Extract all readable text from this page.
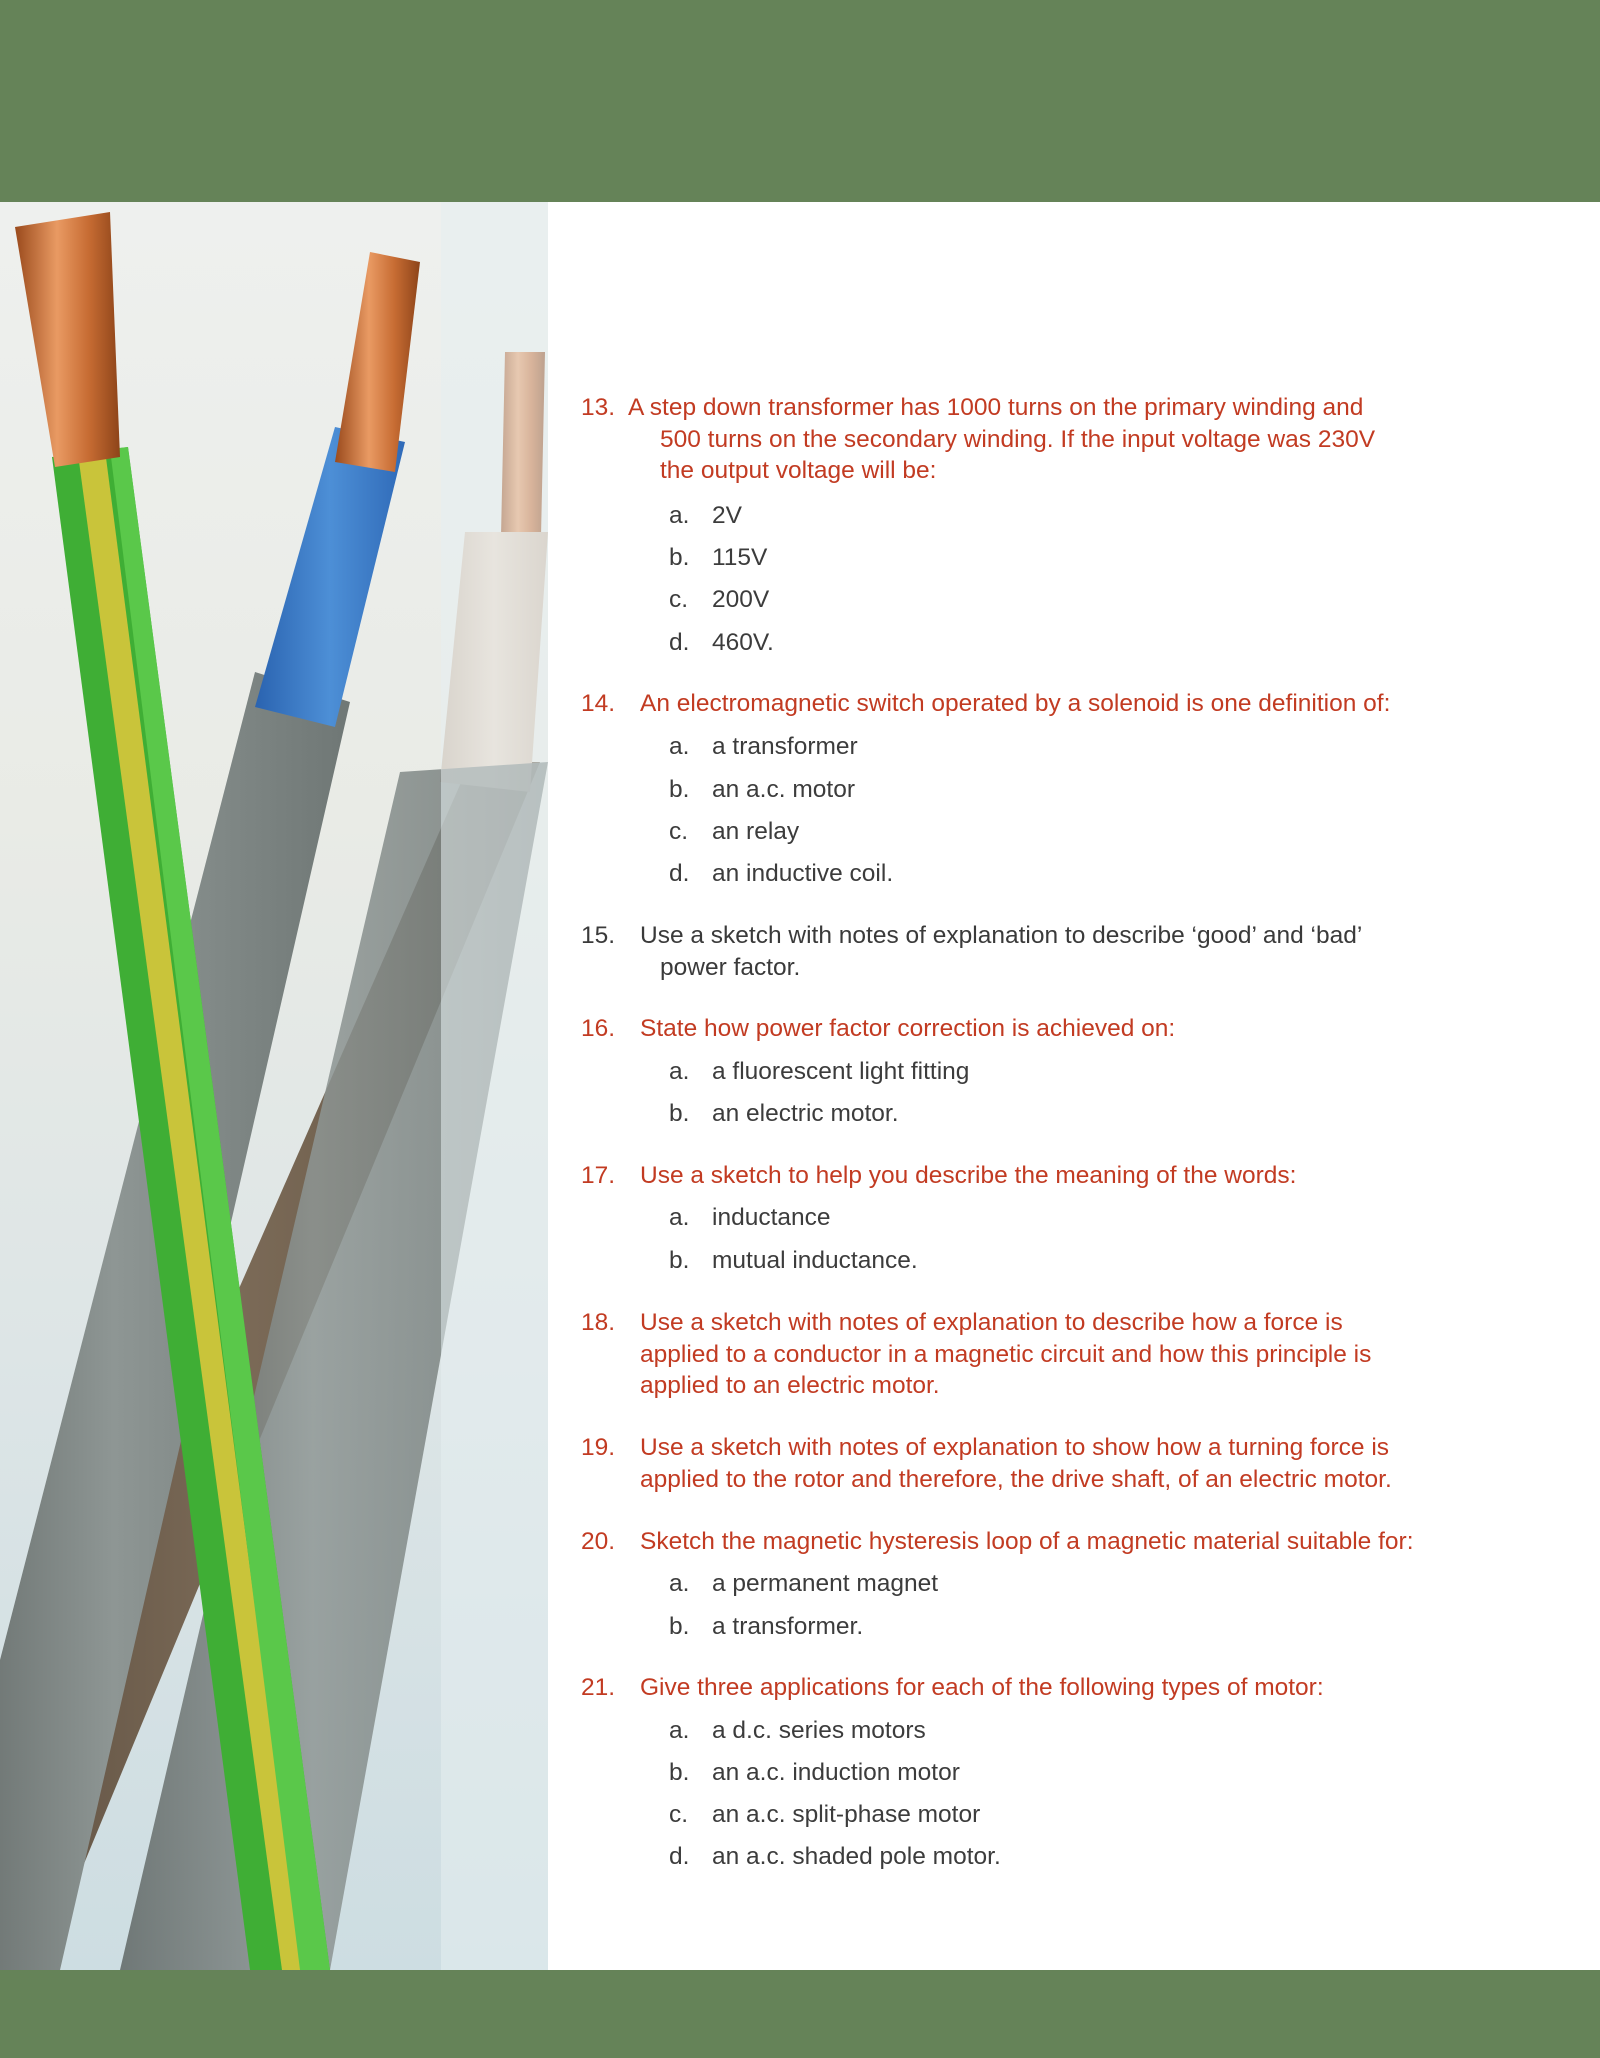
13. A step down transformer has 1000 turns on the primary winding and
500 turns on the secondary winding. If the input voltage was 230V
the output voltage will be:
a. 2V
b. 115V
c. 200V
d. 460V.
14.	An electromagnetic switch operated by a solenoid is one definition of:
a. a transformer
b. an a.c. motor
c. an relay
d. an inductive coil.
15.	Use a sketch with notes of explanation to describe ‘good’ and ‘bad’
power factor.
16.	State how power factor correction is achieved on:
a. a fluorescent light fitting
b. an electric motor.
17.	Use a sketch to help you describe the meaning of the words:
a. inductance
b. mutual inductance.
18.	Use a sketch with notes of explanation to describe how a force is
applied to a conductor in a magnetic circuit and how this principle is
applied to an electric motor.
19.	Use a sketch with notes of explanation to show how a turning force is
applied to the rotor and therefore, the drive shaft, of an electric motor.
20.	Sketch the magnetic hysteresis loop of a magnetic material suitable for:
a. a permanent magnet
b. a transformer.
21.	Give three applications for each of the following types of motor:
a. a d.c. series motors
b. an a.c. induction motor
c. an a.c. split-phase motor
d. an a.c. shaded pole motor.
